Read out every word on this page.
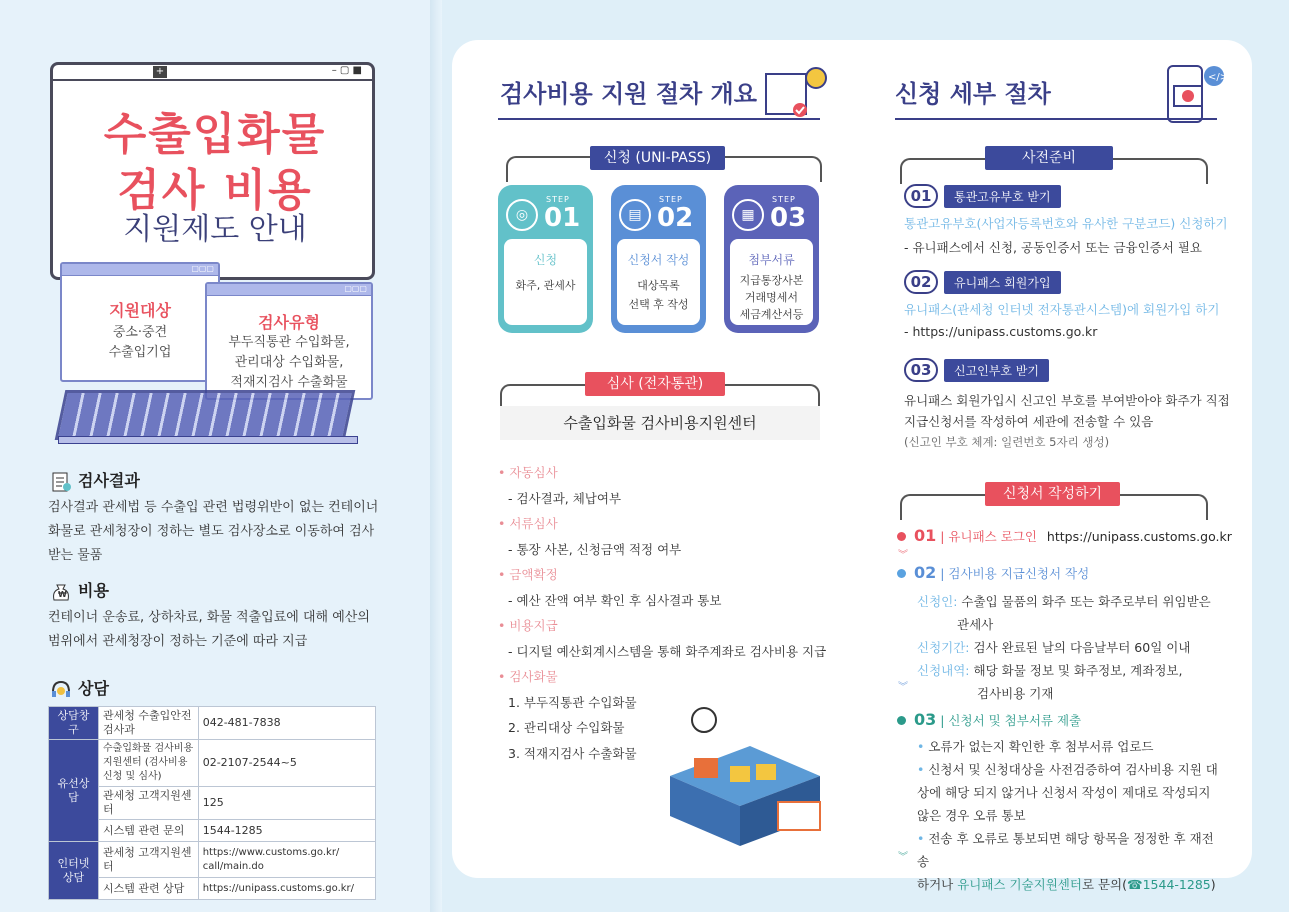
+	– ▢ ■
수출입화물
검사 비용
지원제도 안내
▢▢▢
지원대상
중소·중견
수출입기업
▢▢▢
검사유형
부두직통관 수입화물,
관리대상 수입화물,
적재지검사 수출화물
검사결과
검사결과 관세법 등 수출입 관련 법령위반이 없는 컨테이너 화물로 관세청장이 정하는 별도 검사장소로 이동하여 검사받는 물품
₩ 비용
컨테이너 운송료, 상하차료, 화물 적출입료에 대해 예산의 범위에서 관세청장이 정하는 기준에 따라 지급
상담
상담창구	관세청 수출입안전검사과	042-481-7838
유선상담	수출입화물 검사비용 지원센터 (검사비용 신청 및 심사)	02-2107-2544~5
	관세청 고객지원센터	125
	시스템 관련 문의	1544-1285
인터넷 상담	관세청 고객지원센터	https://www.customs.go.kr/ call/main.do
	시스템 관련 상담	https://unipass.customs.go.kr/
검사비용 지원 절차 개요	신청 세부 절차
</>
신청 (UNI-PASS)
◎
STEP
01
신청
화주, 관세사
▤
STEP
02
신청서 작성
대상목록
선택 후 작성
▦
STEP
03
첨부서류
지급통장사본
거래명세서
세금계산서등
심사 (전자통관)
수출입화물 검사비용지원센터
• 자동심사
- 검사결과, 체납여부
• 서류심사
- 통장 사본, 신청금액 적정 여부
• 금액확정
- 예산 잔액 여부 확인 후 심사결과 통보
• 비용지급
- 디지털 예산회계시스템을 통해 화주계좌로 검사비용 지급
• 검사화물
1. 부두직통관 수입화물
2. 관리대상 수입화물
3. 적재지검사 수출화물
사전준비
01 통관고유부호 받기
통관고유부호(사업자등록번호와 유사한 구분코드) 신청하기
- 유니패스에서 신청, 공동인증서 또는 금융인증서 필요
02 유니패스 회원가입
유니패스(관세청 인터넷 전자통관시스템)에 회원가입 하기
- https://unipass.customs.go.kr
03 신고인부호 받기
유니패스 회원가입시 신고인 부호를 부여받아야 화주가 직접
지급신청서를 작성하여 세관에 전송할 수 있음
(신고인 부호 체계: 일련번호 5자리 생성)
신청서 작성하기
01 | 유니패스 로그인 https://unipass.customs.go.kr
︾
02 | 검사비용 지급신청서 작성
신청인: 수출입 물품의 화주 또는 화주로부터 위임받은
관세사
신청기간: 검사 완료된 날의 다음날부터 60일 이내
신청내역: 해당 화물 정보 및 화주정보, 계좌정보,
검사비용 기재
︾
03 | 신청서 및 첨부서류 제출
• 오류가 없는지 확인한 후 첨부서류 업로드
• 신청서 및 신청대상을 사전검증하여 검사비용 지원 대상에 해당 되지 않거나 신청서 작성이 제대로 작성되지 않은 경우 오류 통보
• 전송 후 오류로 통보되면 해당 항목을 정정한 후 재전송
하거나 유니패스 기술지원센터로 문의(☎1544-1285)
︾
